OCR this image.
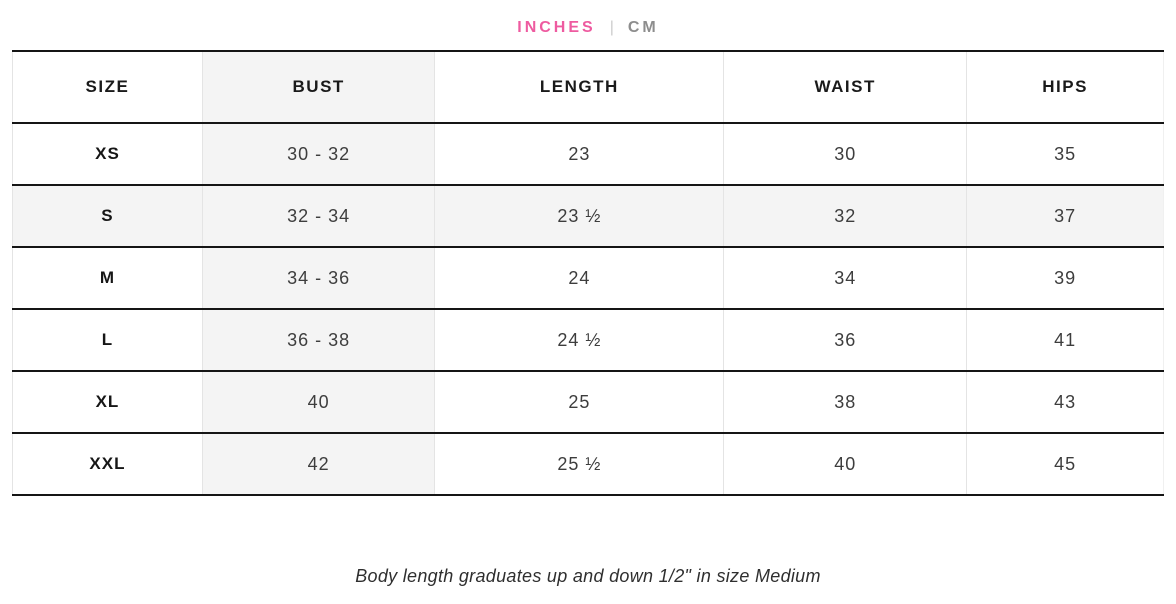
INCHES | CM
SIZE	BUST	LENGTH	WAIST	HIPS
XS	30 - 32	23	30	35
S	32 - 34	23 ½	32	37
M	34 - 36	24	34	39
L	36 - 38	24 ½	36	41
XL	40	25	38	43
XXL	42	25 ½	40	45
Body length graduates up and down 1/2" in size Medium
